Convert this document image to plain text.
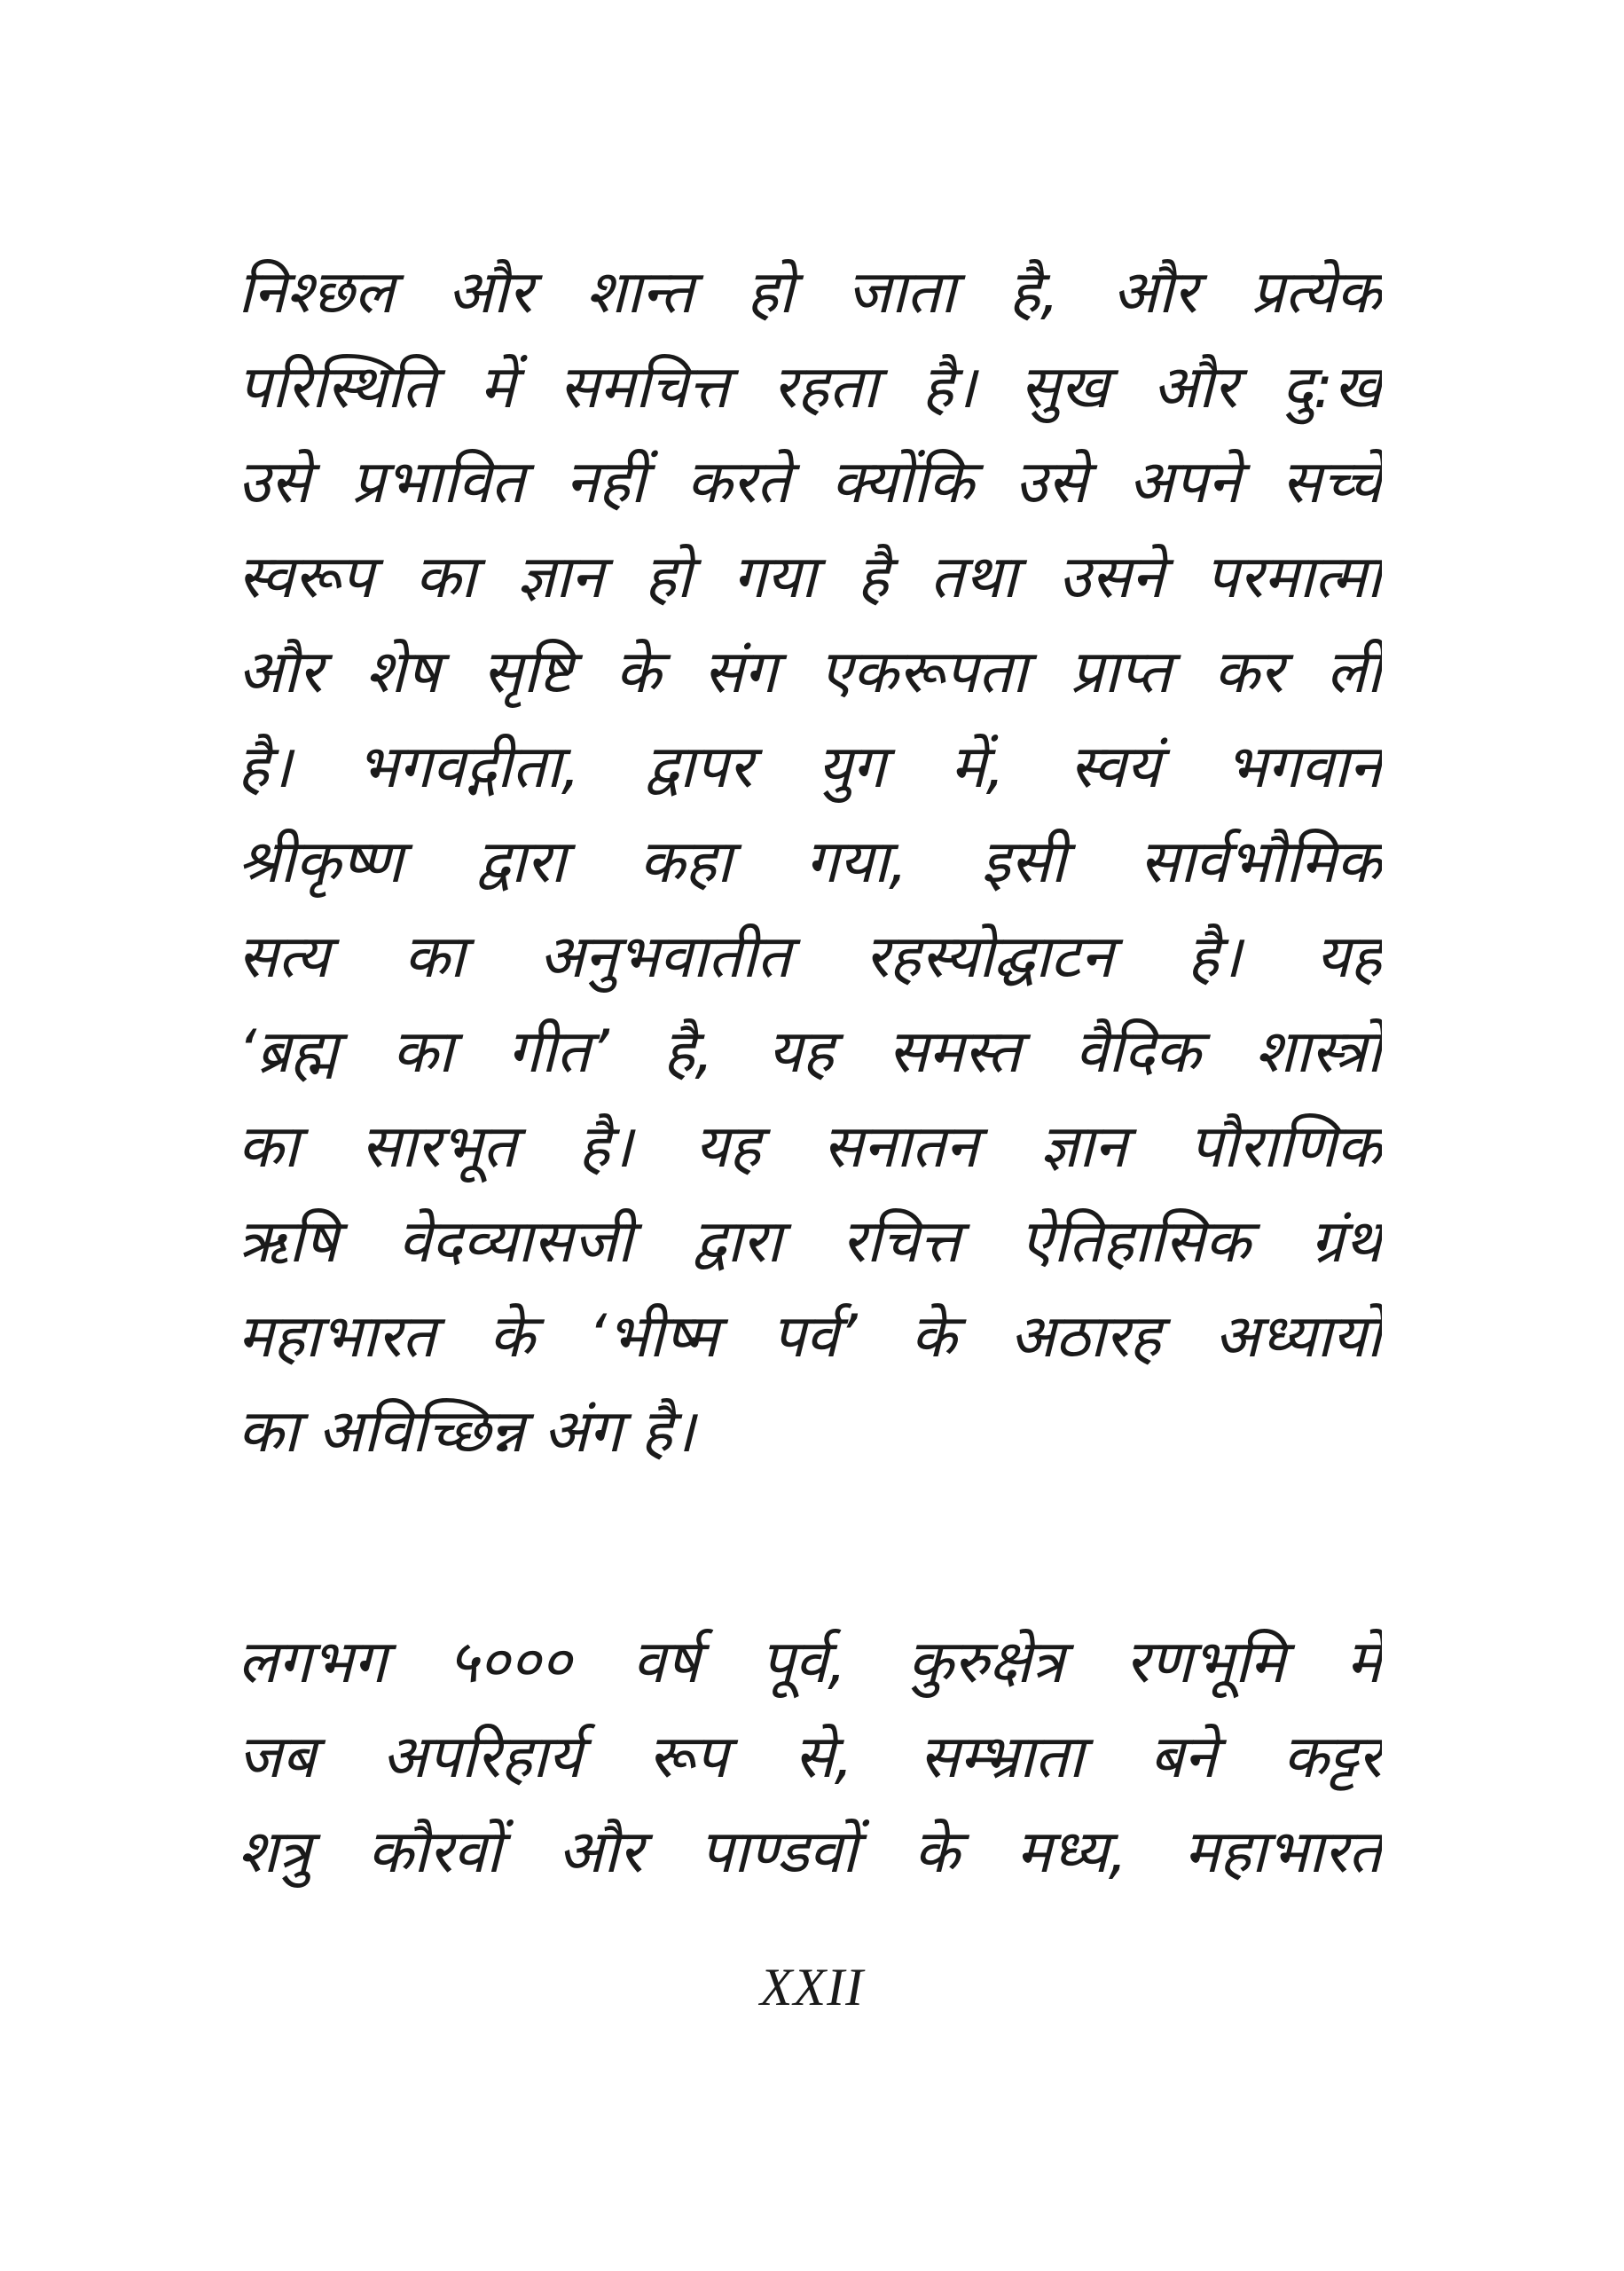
निश्छल और शान्त हो जाता है, और प्रत्येक
परिस्थिति में समचित्त रहता है। सुख और दु:ख
उसे प्रभावित नहीं करते क्योंकि उसे अपने सच्चे
स्वरूप का ज्ञान हो गया है तथा उसने परमात्मा
और शेष सृष्टि के संग एकरूपता प्राप्त कर ली
है। भगवद्गीता, द्वापर युग में, स्वयं भगवान
श्रीकृष्ण द्वारा कहा गया, इसी सार्वभौमिक
सत्य का अनुभवातीत रहस्योद्घाटन है। यह
‘ब्रह्म का गीत’ है, यह समस्त वैदिक शास्त्रों
का सारभूत है। यह सनातन ज्ञान पौराणिक
ऋषि वेदव्यासजी द्वारा रचित्त ऐतिहासिक ग्रंथ
महाभारत के ‘भीष्म पर्व’ के अठारह अध्यायों
का अविच्छिन्न अंग है।
लगभग ५००० वर्ष पूर्व, कुरुक्षेत्र रणभूमि में
जब अपरिहार्य रूप से, सम्भ्राता बने कट्टर
शत्रु कौरवों और पाण्डवों के मध्य, महाभारत
XXII
